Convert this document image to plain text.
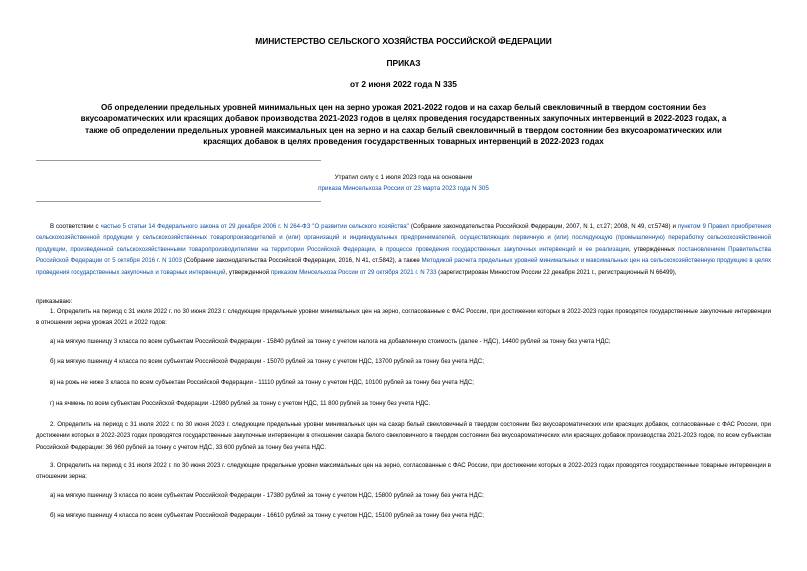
МИНИСТЕРСТВО СЕЛЬСКОГО ХОЗЯЙСТВА РОССИЙСКОЙ ФЕДЕРАЦИИ
ПРИКАЗ
от 2 июня 2022 года N 335
Об определении предельных уровней минимальных цен на зерно урожая 2021-2022 годов и на сахар белый свекловичный в твердом состоянии без
вкусоароматических или красящих добавок производства 2021-2023 годов в целях проведения государственных закупочных интервенций в 2022-2023 годах, а
также об определении предельных уровней максимальных цен на зерно и на сахар белый свекловичный в твердом состоянии без вкусоароматических или
красящих добавок в целях проведения государственных товарных интервенций в 2022-2023 годах
Утратил силу с 1 июля 2023 года на основании
приказа Минсельхоза России от 23 марта 2023 года N 305
В соответствии с частью 5 статьи 14 Федерального закона от 29 декабря 2006 г. N 264-ФЗ "О развитии сельского хозяйства" (Собрание законодательства Российской Федерации, 2007, N 1, ст.27; 2008, N 49, ст.5748) и пунктом 9 Правил приобретения сельскохозяйственной продукции у сельскохозяйственных товаропроизводителей и (или) организаций и индивидуальных предпринимателей, осуществляющих первичную и (или) последующую (промышленную) переработку сельскохозяйственной продукции, произведенной сельскохозяйственными товаропроизводителями на территории Российской Федерации, в процессе проведения государственных закупочных интервенций и ее реализации, утвержденных постановлением Правительства Российской Федерации от 5 октября 2016 г. N 1003 (Собрание законодательства Российской Федерации, 2016, N 41, ст.5842), а также Методикой расчета предельных уровней минимальных и максимальных цен на сельскохозяйственную продукцию в целях проведения государственных закупочных и товарных интервенций, утвержденной приказом Минсельхоза России от 29 октября 2021 г. N 733 (зарегистрирован Минюстом России 22 декабря 2021 г., регистрационный N 66499),
приказываю:
1. Определить на период с 31 июля 2022 г. по 30 июня 2023 г. следующие предельные уровни минимальных цен на зерно, согласованные с ФАС России, при достижении которых в 2022-2023 годах проводятся государственные закупочные интервенции в отношении зерна урожая 2021 и 2022 годов:
а) на мягкую пшеницу 3 класса по всем субъектам Российской Федерации - 15840 рублей за тонну с учетом налога на добавленную стоимость (далее - НДС), 14400 рублей за тонну без учета НДС;
б) на мягкую пшеницу 4 класса по всем субъектам Российской Федерации - 15070 рублей за тонну с учетом НДС, 13700 рублей за тонну без учета НДС;
в) на рожь не ниже 3 класса по всем субъектам Российской Федерации - 11110 рублей за тонну с учетом НДС, 10100 рублей за тонну без учета НДС;
г) на ячмень по всем субъектам Российской Федерации -12980 рублей за тонну с учетом НДС, 11 800 рублей за тонну без учета НДС.
2. Определить на период с 31 июля 2022 г. по 30 июня 2023 г. следующие предельные уровни минимальных цен на сахар белый свекловичный в твердом состоянии без вкусоароматических или красящих добавок, согласованные с ФАС России, при достижении которых в 2022-2023 годах проводятся государственные закупочные интервенции в отношении сахара белого свекловичного в твердом состоянии без вкусоароматических или красящих добавок производства 2021-2023 годов, по всем субъектам Российской Федерации: 36 960 рублей за тонну с учетом НДС, 33 600 рублей за тонну без учета НДС.
3. Определить на период с 31 июля 2022 г. по 30 июня 2023 г. следующие предельные уровни максимальных цен на зерно, согласованные с ФАС России, при достижении которых в 2022-2023 годах проводятся государственные товарные интервенции в отношении зерна:
а) на мягкую пшеницу 3 класса по всем субъектам Российской Федерации - 17380 рублей за тонну с учетом НДС, 15800 рублей за тонну без учета НДС;
б) на мягкую пшеницу 4 класса по всем субъектам Российской Федерации - 16610 рублей за тонну с учетом НДС, 15100 рублей за тонну без учета НДС;
